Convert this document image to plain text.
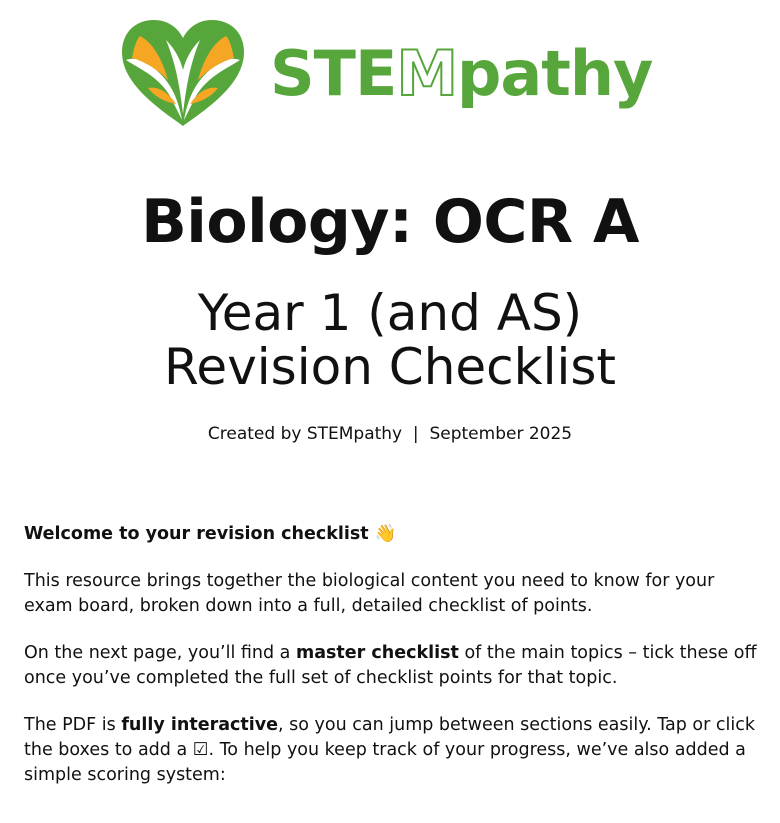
STE M pathy
Biology: OCR A
Year 1 (and AS)
Revision Checklist
Created by STEMpathy  |  September 2025

Welcome to your revision checklist 👋

This resource brings together the biological content you need to know for your exam board, broken down into a full, detailed checklist of points.

On the next page, you’ll find a master checklist of the main topics – tick these off once you’ve completed the full set of checklist points for that topic.

The PDF is fully interactive, so you can jump between sections easily. Tap or click the boxes to add a ☑. To help you keep track of your progress, we’ve also added a simple scoring system:
